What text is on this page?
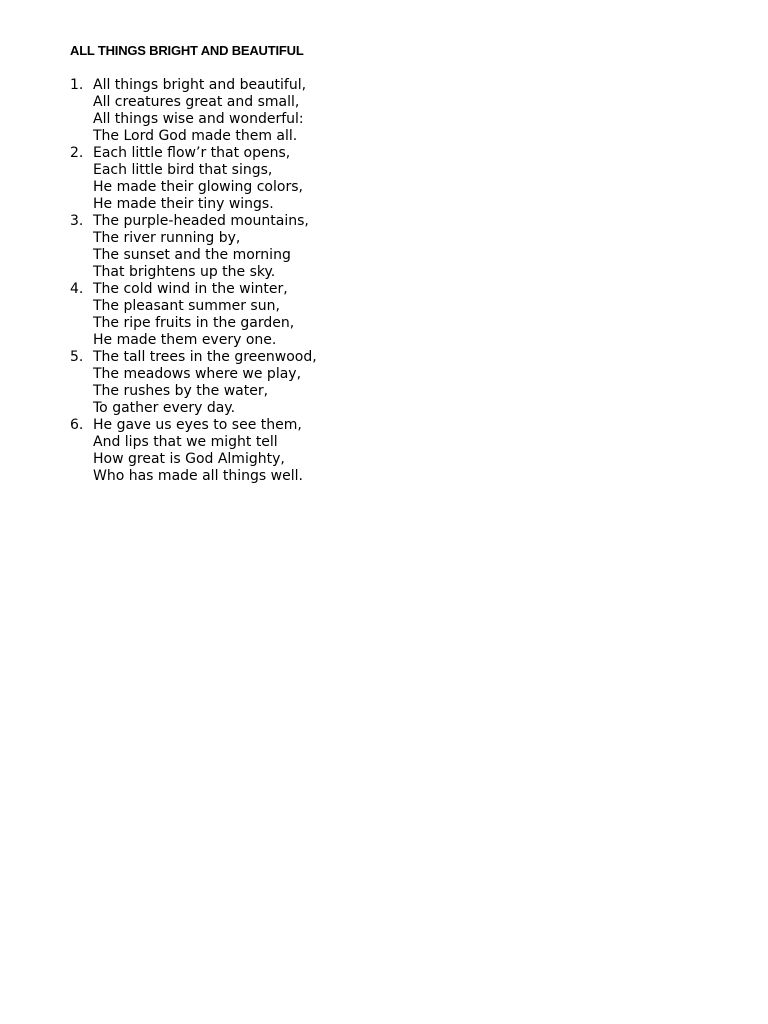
ALL THINGS BRIGHT AND BEAUTIFUL
1. All things bright and beautiful,
All creatures great and small,
All things wise and wonderful:
The Lord God made them all.
2. Each little flow’r that opens,
Each little bird that sings,
He made their glowing colors,
He made their tiny wings.
3. The purple-headed mountains,
The river running by,
The sunset and the morning
That brightens up the sky.
4. The cold wind in the winter,
The pleasant summer sun,
The ripe fruits in the garden,
He made them every one.
5. The tall trees in the greenwood,
The meadows where we play,
The rushes by the water,
To gather every day.
6. He gave us eyes to see them,
And lips that we might tell
How great is God Almighty,
Who has made all things well.
